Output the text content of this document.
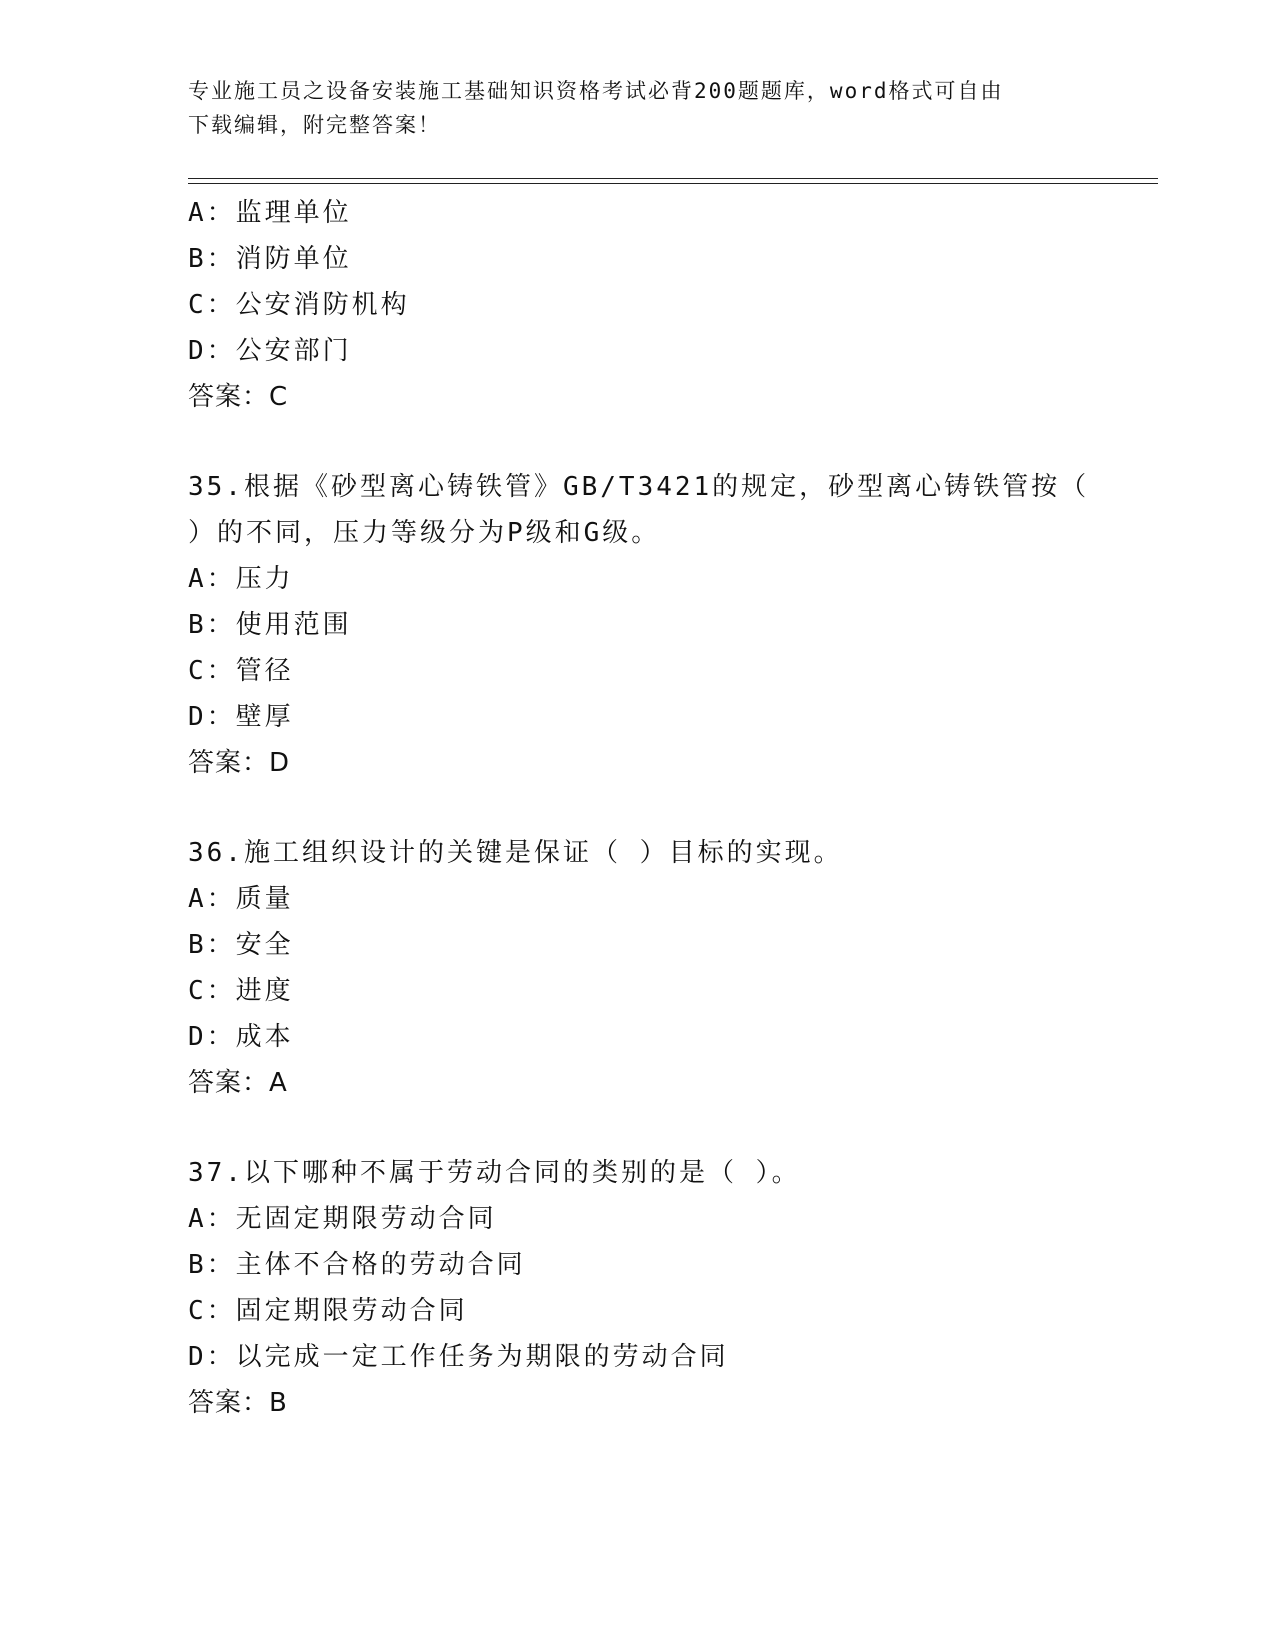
专业施工员之设备安装施工基础知识资格考试必背200题题库，word格式可自由
下载编辑，附完整答案！
A：监理单位
B：消防单位
C：公安消防机构
D：公安部门
答案：C
35.根据《砂型离心铸铁管》GB/T3421的规定，砂型离心铸铁管按（
）的不同，压力等级分为P级和G级。
A：压力
B：使用范围
C：管径
D：壁厚
答案：D
36.施工组织设计的关键是保证（ ）目标的实现。
A：质量
B：安全
C：进度
D：成本
答案：A
37.以下哪种不属于劳动合同的类别的是（ ）。
A：无固定期限劳动合同
B：主体不合格的劳动合同
C：固定期限劳动合同
D：以完成一定工作任务为期限的劳动合同
答案：B
